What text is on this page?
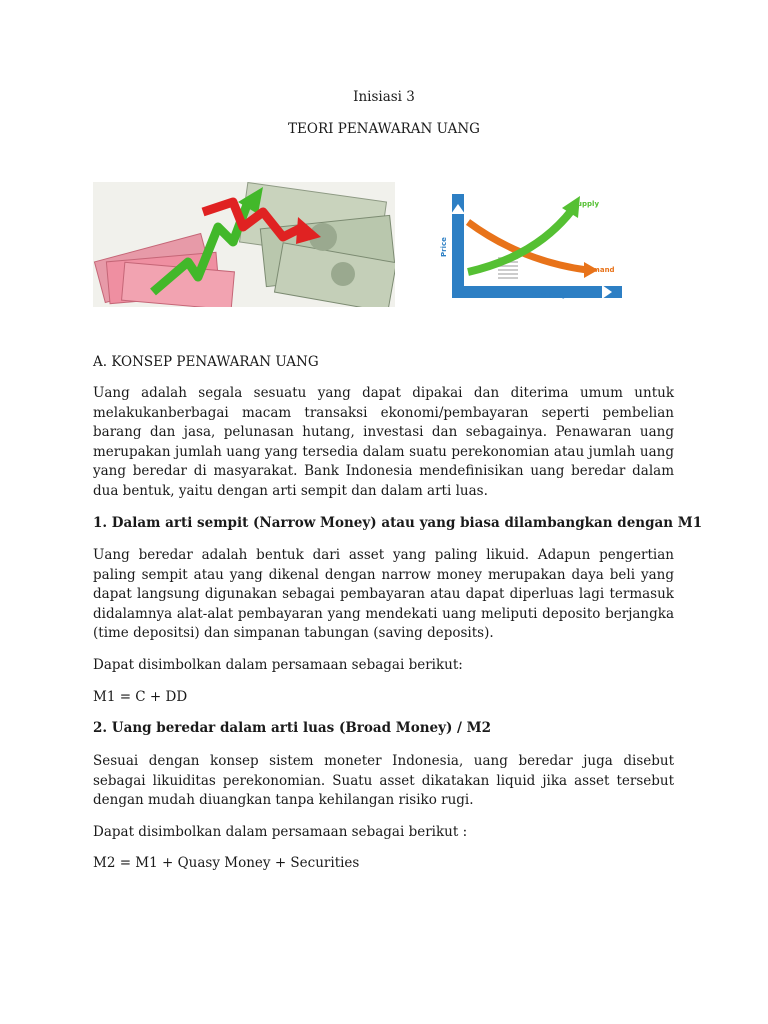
Inisiasi 3
TEORI PENAWARAN UANG
Supply
Demand
Quantity
Price
A. KONSEP PENAWARAN UANG

Uang adalah segala sesuatu yang dapat dipakai dan diterima umum untuk melakukanberbagai macam transaksi ekonomi/pembayaran seperti pembelian barang dan jasa, pelunasan hutang, investasi dan sebagainya. Penawaran uang merupakan jumlah uang yang tersedia dalam suatu perekonomian atau jumlah uang yang beredar di masyarakat. Bank Indonesia mendefinisikan uang beredar dalam dua bentuk, yaitu dengan arti sempit dan dalam arti luas.

1. Dalam arti sempit (Narrow Money) atau yang biasa dilambangkan dengan M1

Uang beredar adalah bentuk dari asset yang paling likuid. Adapun pengertian paling sempit atau yang dikenal dengan narrow money merupakan daya beli yang dapat langsung digunakan sebagai pembayaran atau dapat diperluas lagi termasuk didalamnya alat-alat pembayaran yang mendekati uang meliputi deposito berjangka (time depositsi) dan simpanan tabungan (saving deposits).

Dapat disimbolkan dalam persamaan sebagai berikut:
M1 = C + DD
2. Uang beredar dalam arti luas (Broad Money) / M2

Sesuai dengan konsep sistem moneter Indonesia, uang beredar juga disebut sebagai likuiditas perekonomian. Suatu asset dikatakan liquid jika asset tersebut dengan mudah diuangkan tanpa kehilangan risiko rugi.

Dapat disimbolkan dalam persamaan sebagai berikut :
M2 = M1 + Quasy Money + Securities
